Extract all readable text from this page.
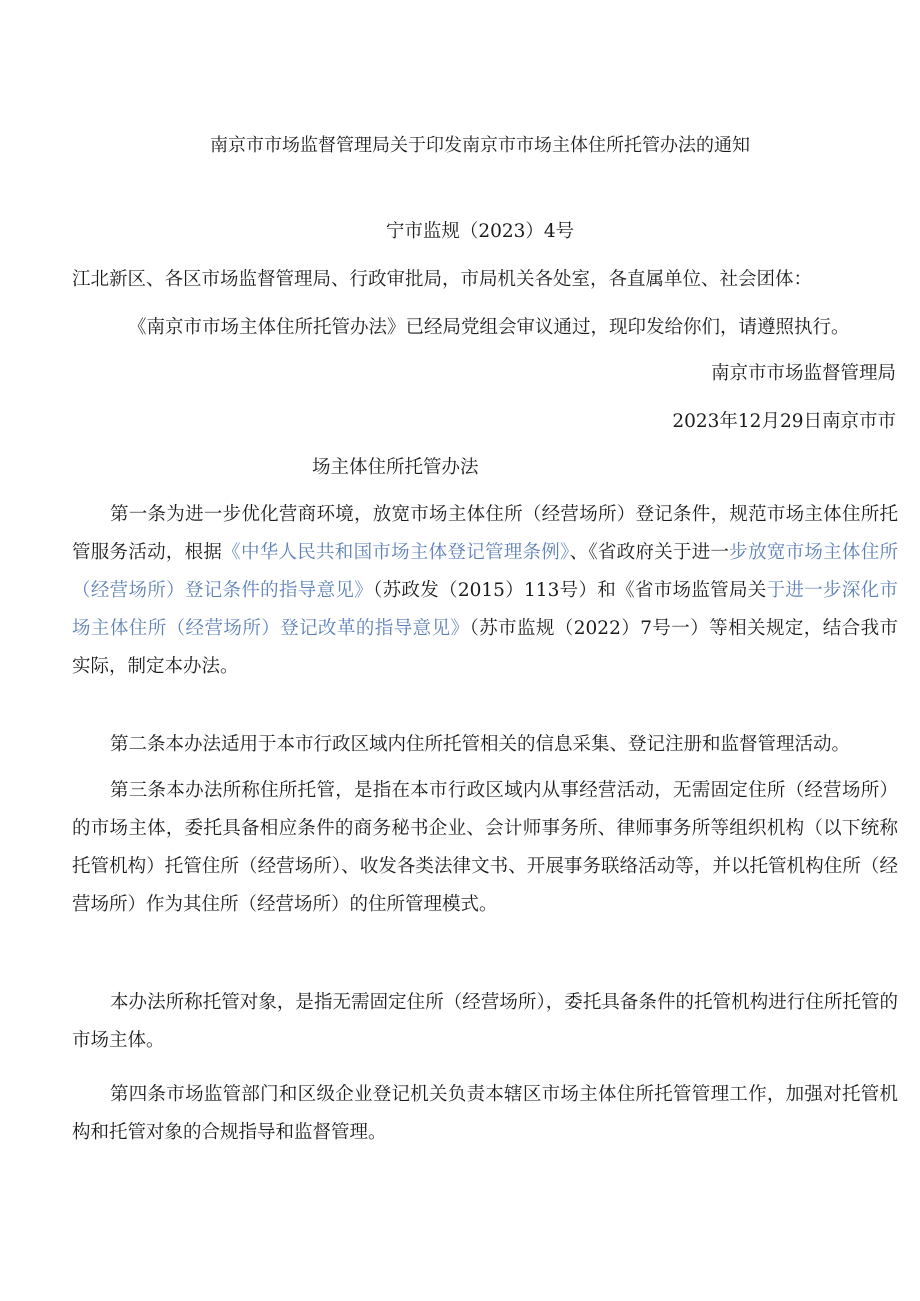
南京市市场监督管理局关于印发南京市市场主体住所托管办法的通知
宁市监规（2023）4号
江北新区、各区市场监督管理局、行政审批局，市局机关各处室，各直属单位、社会团体：
《南京市市场主体住所托管办法》已经局党组会审议通过，现印发给你们，请遵照执行。
南京市市场监督管理局
2023年12月29日南京市市
场主体住所托管办法

第一条为进一步优化营商环境，放宽市场主体住所（经营场所）登记条件，规范市场主体住所托管服务活动，根据《中华人民共和国市场主体登记管理条例》、《省政府关于进一步放宽市场主体住所（经营场所）登记条件的指导意见》（苏政发（2015）113号）和《省市场监管局关于进一步深化市场主体住所（经营场所）登记改革的指导意见》（苏市监规（2022）7号一）等相关规定，结合我市实际，制定本办法。

第二条本办法适用于本市行政区域内住所托管相关的信息采集、登记注册和监督管理活动。

第三条本办法所称住所托管，是指在本市行政区域内从事经营活动，无需固定住所（经营场所）的市场主体，委托具备相应条件的商务秘书企业、会计师事务所、律师事务所等组织机构（以下统称托管机构）托管住所（经营场所）、收发各类法律文书、开展事务联络活动等，并以托管机构住所（经营场所）作为其住所（经营场所）的住所管理模式。

本办法所称托管对象，是指无需固定住所（经营场所），委托具备条件的托管机构进行住所托管的市场主体。

第四条市场监管部门和区级企业登记机关负责本辖区市场主体住所托管管理工作，加强对托管机构和托管对象的合规指导和监督管理。
